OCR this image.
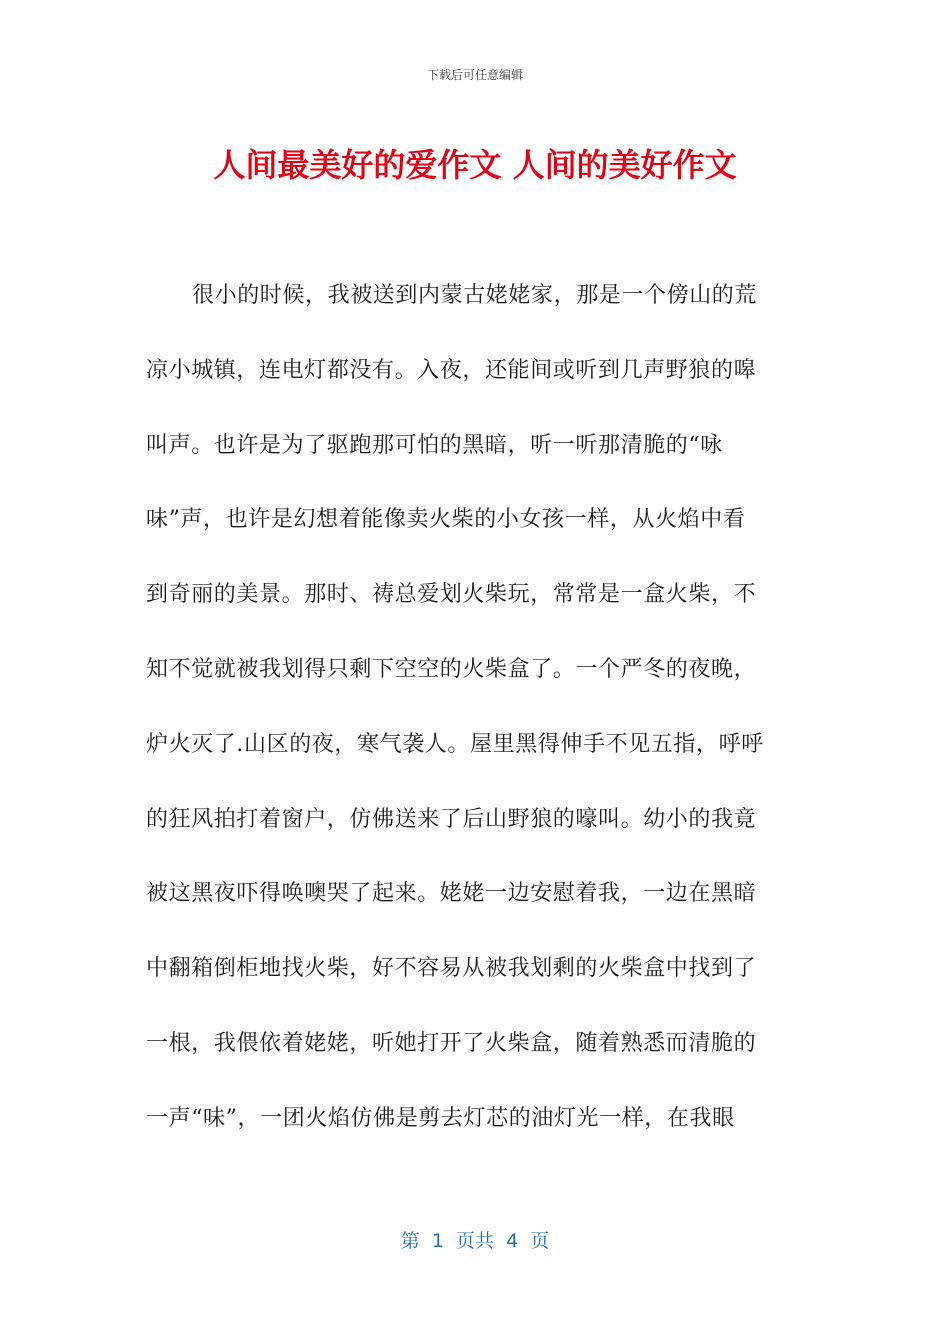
下载后可任意编辑
人间最美好的爱作文 人间的美好作文
很小的时候，我被送到内蒙古姥姥家，那是一个傍山的荒
凉小城镇，连电灯都没有。入夜，还能间或听到几声野狼的嗥
叫声。也许是为了驱跑那可怕的黑暗，听一听那清脆的“咏
味”声，也许是幻想着能像卖火柴的小女孩一样，从火焰中看
到奇丽的美景。那时、祷总爱划火柴玩，常常是一盒火柴，不
知不觉就被我划得只剩下空空的火柴盒了。一个严冬的夜晚，
炉火灭了.山区的夜，寒气袭人。屋里黑得伸手不见五指，呼呼
的狂风拍打着窗户，仿佛送来了后山野狼的嚎叫。幼小的我竟
被这黑夜吓得唤噢哭了起来。姥姥一边安慰着我，一边在黑暗
中翻箱倒柜地找火柴，好不容易从被我划剩的火柴盒中找到了
一根，我偎依着姥姥，听她打开了火柴盒，随着熟悉而清脆的
一声“味”，一团火焰仿佛是剪去灯芯的油灯光一样，在我眼
第  1  页共  4  页
